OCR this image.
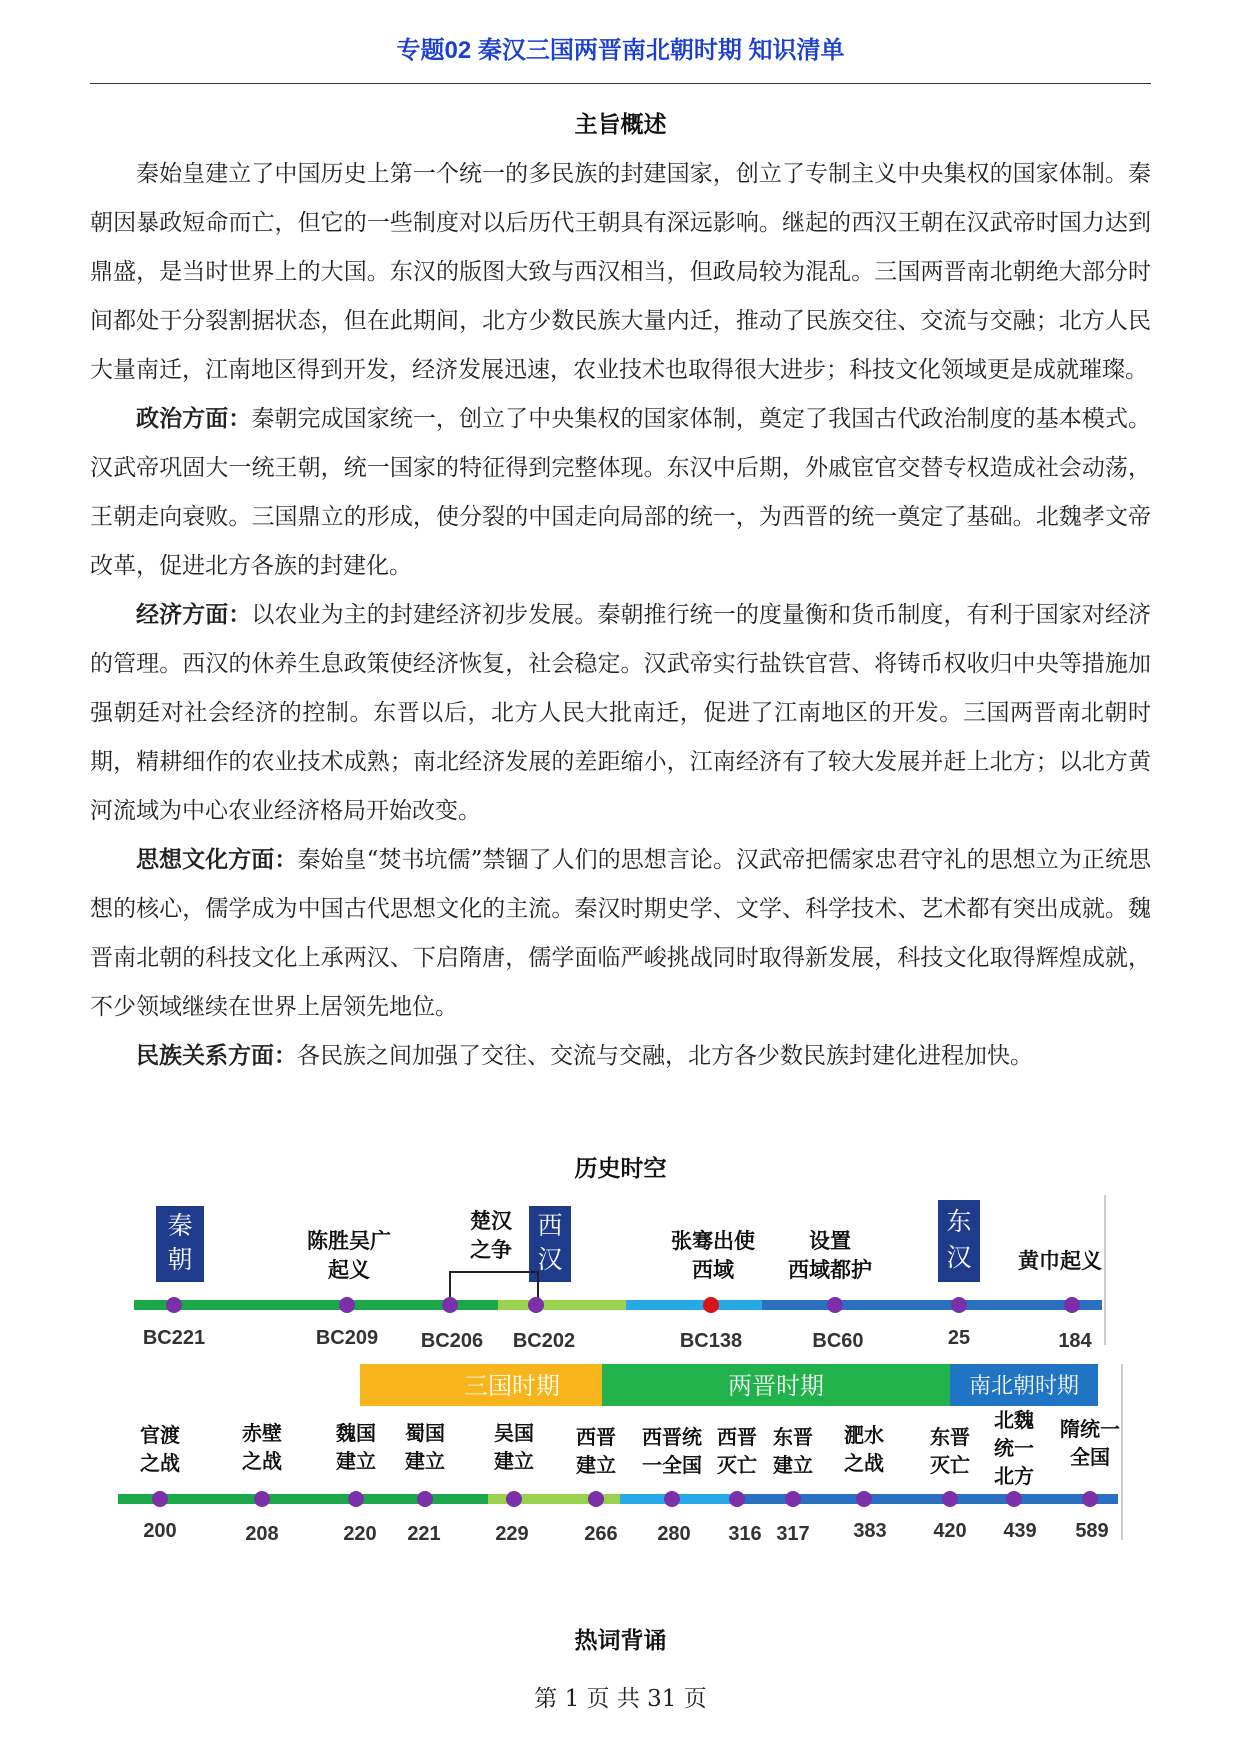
专题02 秦汉三国两晋南北朝时期 知识清单
主旨概述

秦始皇建立了中国历史上第一个统一的多民族的封建国家，创立了专制主义中央集权的国家体制。秦朝因暴政短命而亡，但它的一些制度对以后历代王朝具有深远影响。继起的西汉王朝在汉武帝时国力达到鼎盛，是当时世界上的大国。东汉的版图大致与西汉相当，但政局较为混乱。三国两晋南北朝绝大部分时间都处于分裂割据状态，但在此期间，北方少数民族大量内迁，推动了民族交往、交流与交融；北方人民大量南迁，江南地区得到开发，经济发展迅速，农业技术也取得很大进步；科技文化领域更是成就璀璨。

政治方面：秦朝完成国家统一，创立了中央集权的国家体制，奠定了我国古代政治制度的基本模式。汉武帝巩固大一统王朝，统一国家的特征得到完整体现。东汉中后期，外戚宦官交替专权造成社会动荡，王朝走向衰败。三国鼎立的形成，使分裂的中国走向局部的统一，为西晋的统一奠定了基础。北魏孝文帝改革，促进北方各族的封建化。

经济方面：以农业为主的封建经济初步发展。秦朝推行统一的度量衡和货币制度，有利于国家对经济的管理。西汉的休养生息政策使经济恢复，社会稳定。汉武帝实行盐铁官营、将铸币权收归中央等措施加强朝廷对社会经济的控制。东晋以后，北方人民大批南迁，促进了江南地区的开发。三国两晋南北朝时期，精耕细作的农业技术成熟；南北经济发展的差距缩小，江南经济有了较大发展并赶上北方；以北方黄河流域为中心农业经济格局开始改变。

思想文化方面：秦始皇“焚书坑儒”禁锢了人们的思想言论。汉武帝把儒家忠君守礼的思想立为正统思想的核心，儒学成为中国古代思想文化的主流。秦汉时期史学、文学、科学技术、艺术都有突出成就。魏晋南北朝的科技文化上承两汉、下启隋唐，儒学面临严峻挑战同时取得新发展，科技文化取得辉煌成就，不少领域继续在世界上居领先地位。

民族关系方面：各民族之间加强了交往、交流与交融，北方各少数民族封建化进程加快。

历史时空
秦
朝
西
汉
东
汉
陈胜吴广
起义
楚汉
之争	张骞出使
西域
设置
西域都护	黄巾起义
BC221	BC209 BC206 BC202	BC138	BC60	25	184
三国时期	两晋时期	南北朝时期
官渡
之战
赤壁
之战
魏国
建立
蜀国
建立
吴国
建立
西晋
建立
西晋统
一全国
西晋
灭亡
东晋
建立
淝水
之战
东晋
灭亡
北魏
统一
北方
隋统一
全国
200	208	220 221	229	266 280 316 317 383 420 439 589
热词背诵
第 1 页 共 31 页
